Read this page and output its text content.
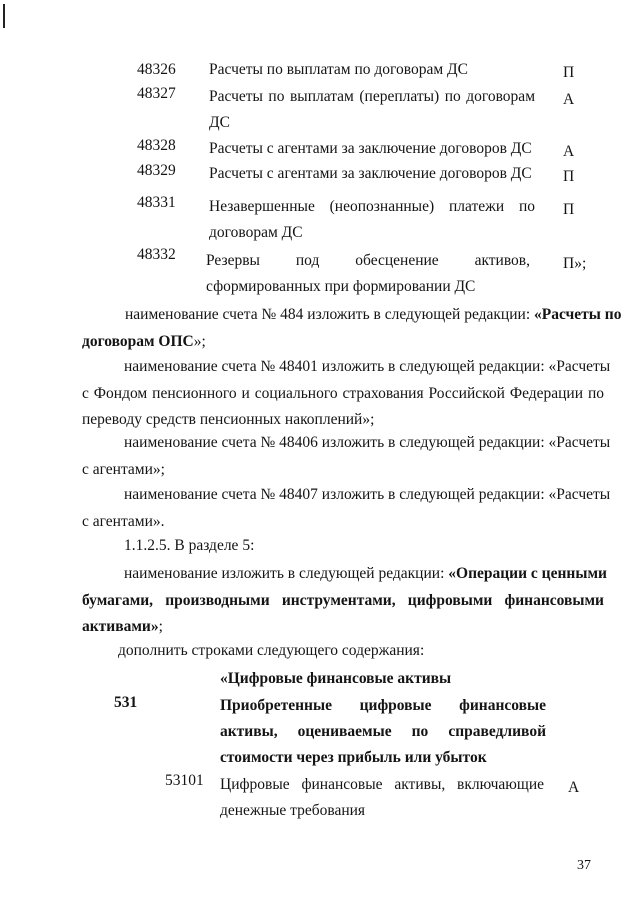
48326 Расчеты по выплатам по договорам ДС	П
48327 Расчеты по выплатам (переплаты) по договорам
ДС
А
48328 Расчеты с агентами за заключение договоров ДС А
48329 Расчеты с агентами за заключение договоров ДС П
48331 Незавершенные (неопознанные) платежи по
договорам ДС
П
48332 Резервы под обесценение активов,
сформированных при формировании ДС
П»;
наименование счета № 484 изложить в следующей редакции: «Расчеты по
договорам ОПС»;
наименование счета № 48401 изложить в следующей редакции: «Расчеты
с Фондом пенсионного и социального страхования Российской Федерации по
переводу средств пенсионных накоплений»;
наименование счета № 48406 изложить в следующей редакции: «Расчеты
с агентами»;
наименование счета № 48407 изложить в следующей редакции: «Расчеты
с агентами».
1.1.2.5. В разделе 5:
наименование изложить в следующей редакции: «Операции с ценными
бумагами, производными инструментами, цифровыми финансовыми
активами»;
дополнить строками следующего содержания:
«Цифровые финансовые активы
531	Приобретенные цифровые финансовые
активы, оцениваемые по справедливой
стоимости через прибыль или убыток
53101 Цифровые финансовые активы, включающие
денежные требования
А
37
